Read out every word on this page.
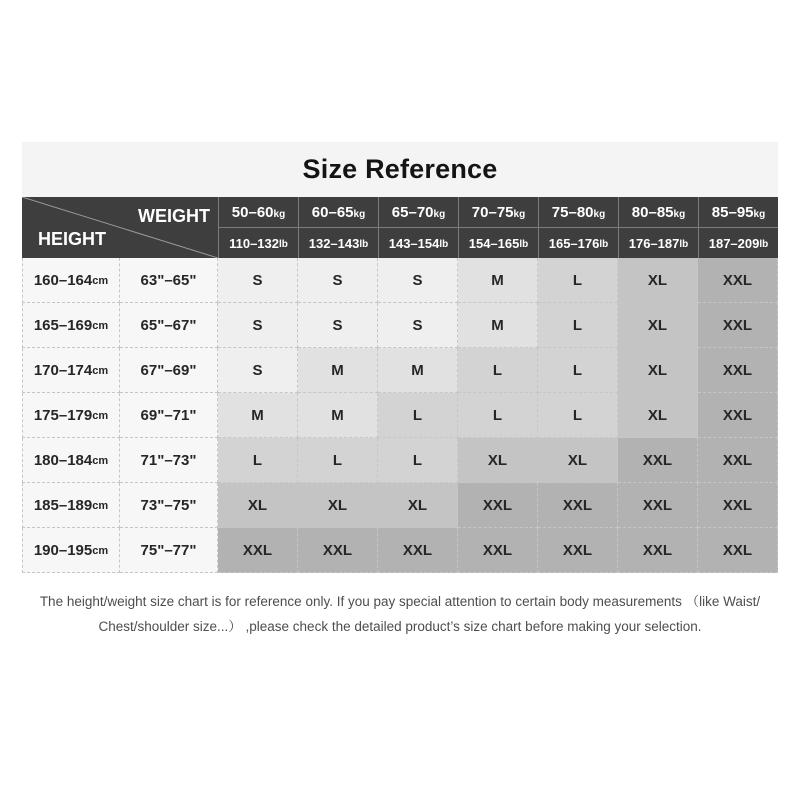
Size Reference
WEIGHT
HEIGHT
50–60 kg 60–65 kg 65–70 kg 70–75 kg 75–80 kg 80–85 kg 85–95 kg
110–132 lb 132–143 lb 143–154 lb 154–165 lb 165–176 lb 176–187 lb 187–209 lb
160–164 cm 63"–65"	S	S	S	M	L	XL	XXL
165–169 cm 65"–67"	S	S	S	M	L	XL	XXL
170–174 cm 67"–69"	S	M	M	L	L	XL	XXL
175–179 cm 69"–71"	M	M	L	L	L	XL	XXL
180–184 cm 71"–73"	L	L	L	XL	XL	XXL	XXL
185–189 cm 73"–75"	XL	XL	XL	XXL	XXL	XXL	XXL
190–195 cm 75"–77"	XXL	XXL	XXL	XXL	XXL	XXL	XXL
The height/weight size chart is for reference only. If you pay special attention to certain body measurements （like Waist/
Chest/shoulder size...） ,please check the detailed product’s size chart before making your selection.
